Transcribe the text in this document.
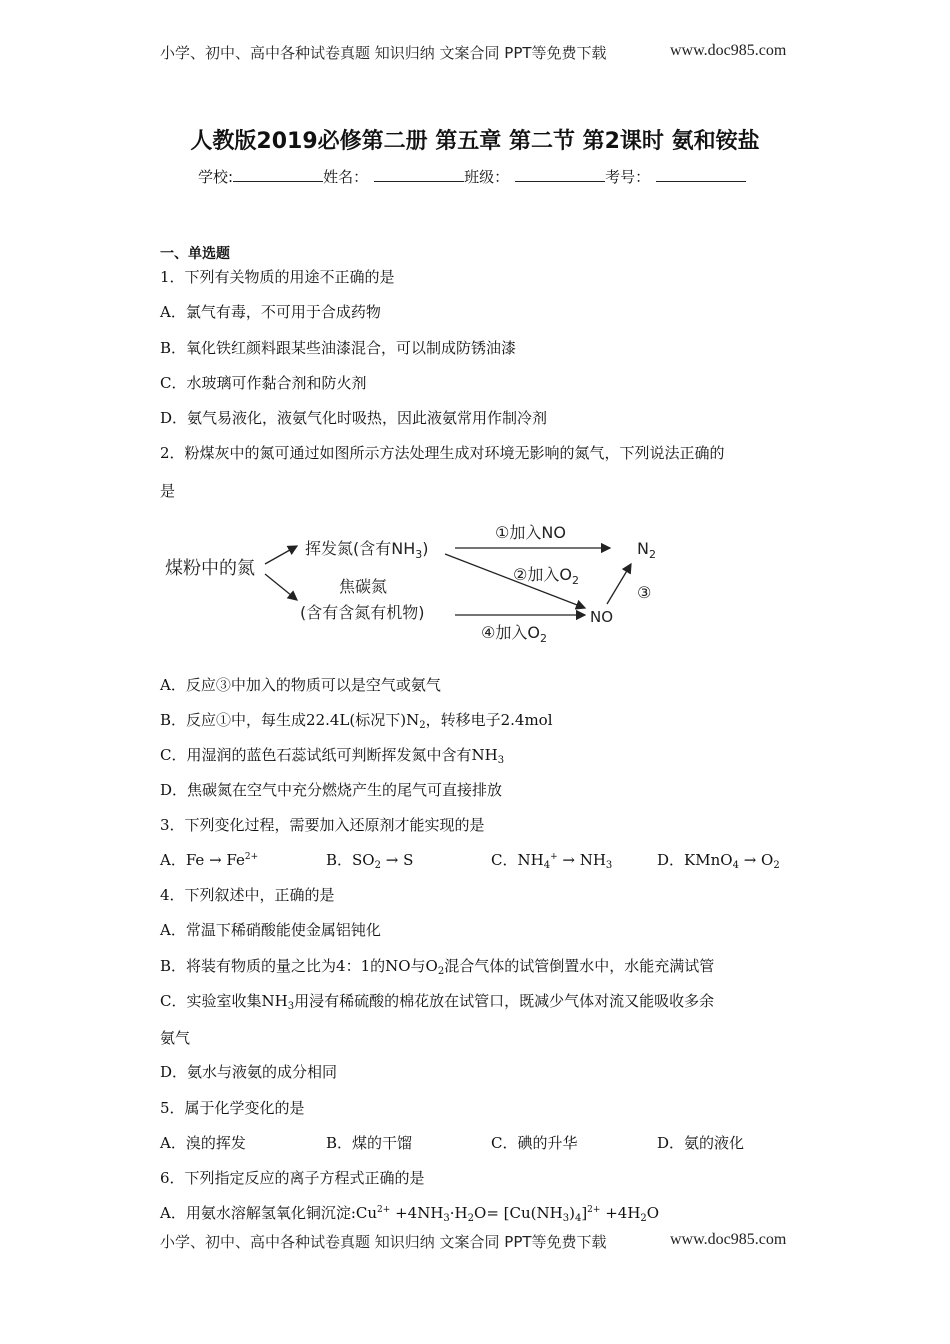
小学、初中、高中各种试卷真题 知识归纳 文案合同 PPT等免费下载	www.doc985.com
人教版2019必修第二册 第五章 第二节 第2课时 氨和铵盐
学校:	姓名：	班级：	考号：
一、单选题
1．下列有关物质的用途不正确的是
A．氯气有毒，不可用于合成药物
B．氧化铁红颜料跟某些油漆混合，可以制成防锈油漆
C．水玻璃可作黏合剂和防火剂
D．氨气易液化，液氨气化时吸热，因此液氨常用作制冷剂
2．粉煤灰中的氮可通过如图所示方法处理生成对环境无影响的氮气，下列说法正确的
是
煤粉中的氮
挥发氮(含有$NH_3$)
焦碳氮
(含有含氮有机物)
①加入NO
②加入$O_2$
④加入$O_2$
NO
$N_2$
③
A．反应③中加入的物质可以是空气或氨气
B．反应①中，每生成22.4L(标况下)$N_2$，转移电子2.4mol
C．用湿润的蓝色石蕊试纸可判断挥发氮中含有$NH_3$
D．焦碳氮在空气中充分燃烧产生的尾气可直接排放
3．下列变化过程，需要加入还原剂才能实现的是
A．$Fe \to Fe^{2+}$	B．$SO_2 \to S$	C．$NH_4^+ \to NH_3$	D．KMnO$_4$ → $O_2$
4．下列叙述中，正确的是
A．常温下稀硝酸能使金属铝钝化
B．将装有物质的量之比为4：1的NO与$O_2$混合气体的试管倒置水中，水能充满试管
C．实验室收集$NH_3$用浸有稀硫酸的棉花放在试管口，既减少气体对流又能吸收多余
氨气
D．氨水与液氨的成分相同
5．属于化学变化的是
A．溴的挥发	B．煤的干馏	C．碘的升华	D．氨的液化
6．下列指定反应的离子方程式正确的是
A．用氨水溶解氢氧化铜沉淀$:Cu^{2+} +4NH_3\cdot H_2O= [Cu(NH_3)_4]^{2+} +4H_2O$
小学、初中、高中各种试卷真题 知识归纳 文案合同 PPT等免费下载	www.doc985.com
